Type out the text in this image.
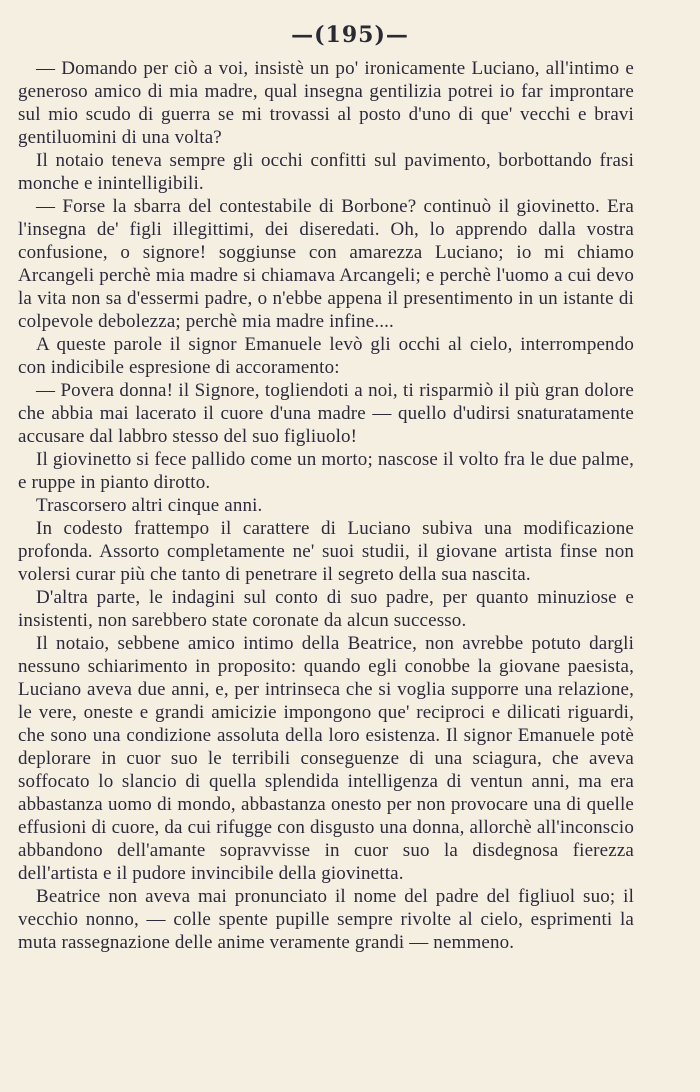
—(195)—

— Domando per ciò a voi, insistè un po' ironicamente Luciano, all'intimo e generoso amico di mia madre, qual insegna gentilizia potrei io far improntare sul mio scudo di guerra se mi trovassi al posto d'uno di que' vecchi e bravi gentiluomini di una volta?

Il notaio teneva sempre gli occhi confitti sul pavimento, borbottando frasi monche e inintelligibili.

— Forse la sbarra del contestabile di Borbone? continuò il giovinetto. Era l'insegna de' figli illegittimi, dei diseredati. Oh, lo apprendo dalla vostra confusione, o signore! soggiunse con amarezza Luciano; io mi chiamo Arcangeli perchè mia madre si chiamava Arcangeli; e perchè l'uomo a cui devo la vita non sa d'essermi padre, o n'ebbe appena il presentimento in un istante di colpevole debolezza; perchè mia madre infine....

A queste parole il signor Emanuele levò gli occhi al cielo, interrompendo con indicibile espresione di accoramento:

— Povera donna! il Signore, togliendoti a noi, ti risparmiò il più gran dolore che abbia mai lacerato il cuore d'una madre — quello d'udirsi snaturatamente accusare dal labbro stesso del suo figliuolo!

Il giovinetto si fece pallido come un morto; nascose il volto fra le due palme, e ruppe in pianto dirotto.

Trascorsero altri cinque anni.

In codesto frattempo il carattere di Luciano subiva una modificazione profonda. Assorto completamente ne' suoi studii, il giovane artista finse non volersi curar più che tanto di penetrare il segreto della sua nascita.

D'altra parte, le indagini sul conto di suo padre, per quanto minuziose e insistenti, non sarebbero state coronate da alcun successo.

Il notaio, sebbene amico intimo della Beatrice, non avrebbe potuto dargli nessuno schiarimento in proposito: quando egli conobbe la giovane paesista, Luciano aveva due anni, e, per intrinseca che si voglia supporre una relazione, le vere, oneste e grandi amicizie impongono que' reciproci e dilicati riguardi, che sono una condizione assoluta della loro esistenza. Il signor Emanuele potè deplorare in cuor suo le terribili conseguenze di una sciagura, che aveva soffocato lo slancio di quella splendida intelligenza di ventun anni, ma era abbastanza uomo di mondo, abbastanza onesto per non provocare una di quelle effusioni di cuore, da cui rifugge con disgusto una donna, allorchè all'inconscio abbandono dell'amante sopravvisse in cuor suo la disdegnosa fierezza dell'artista e il pudore invincibile della giovinetta.

Beatrice non aveva mai pronunciato il nome del padre del figliuol suo; il vecchio nonno, — colle spente pupille sempre rivolte al cielo, esprimenti la muta rassegnazione delle anime veramente grandi — nemmeno.
